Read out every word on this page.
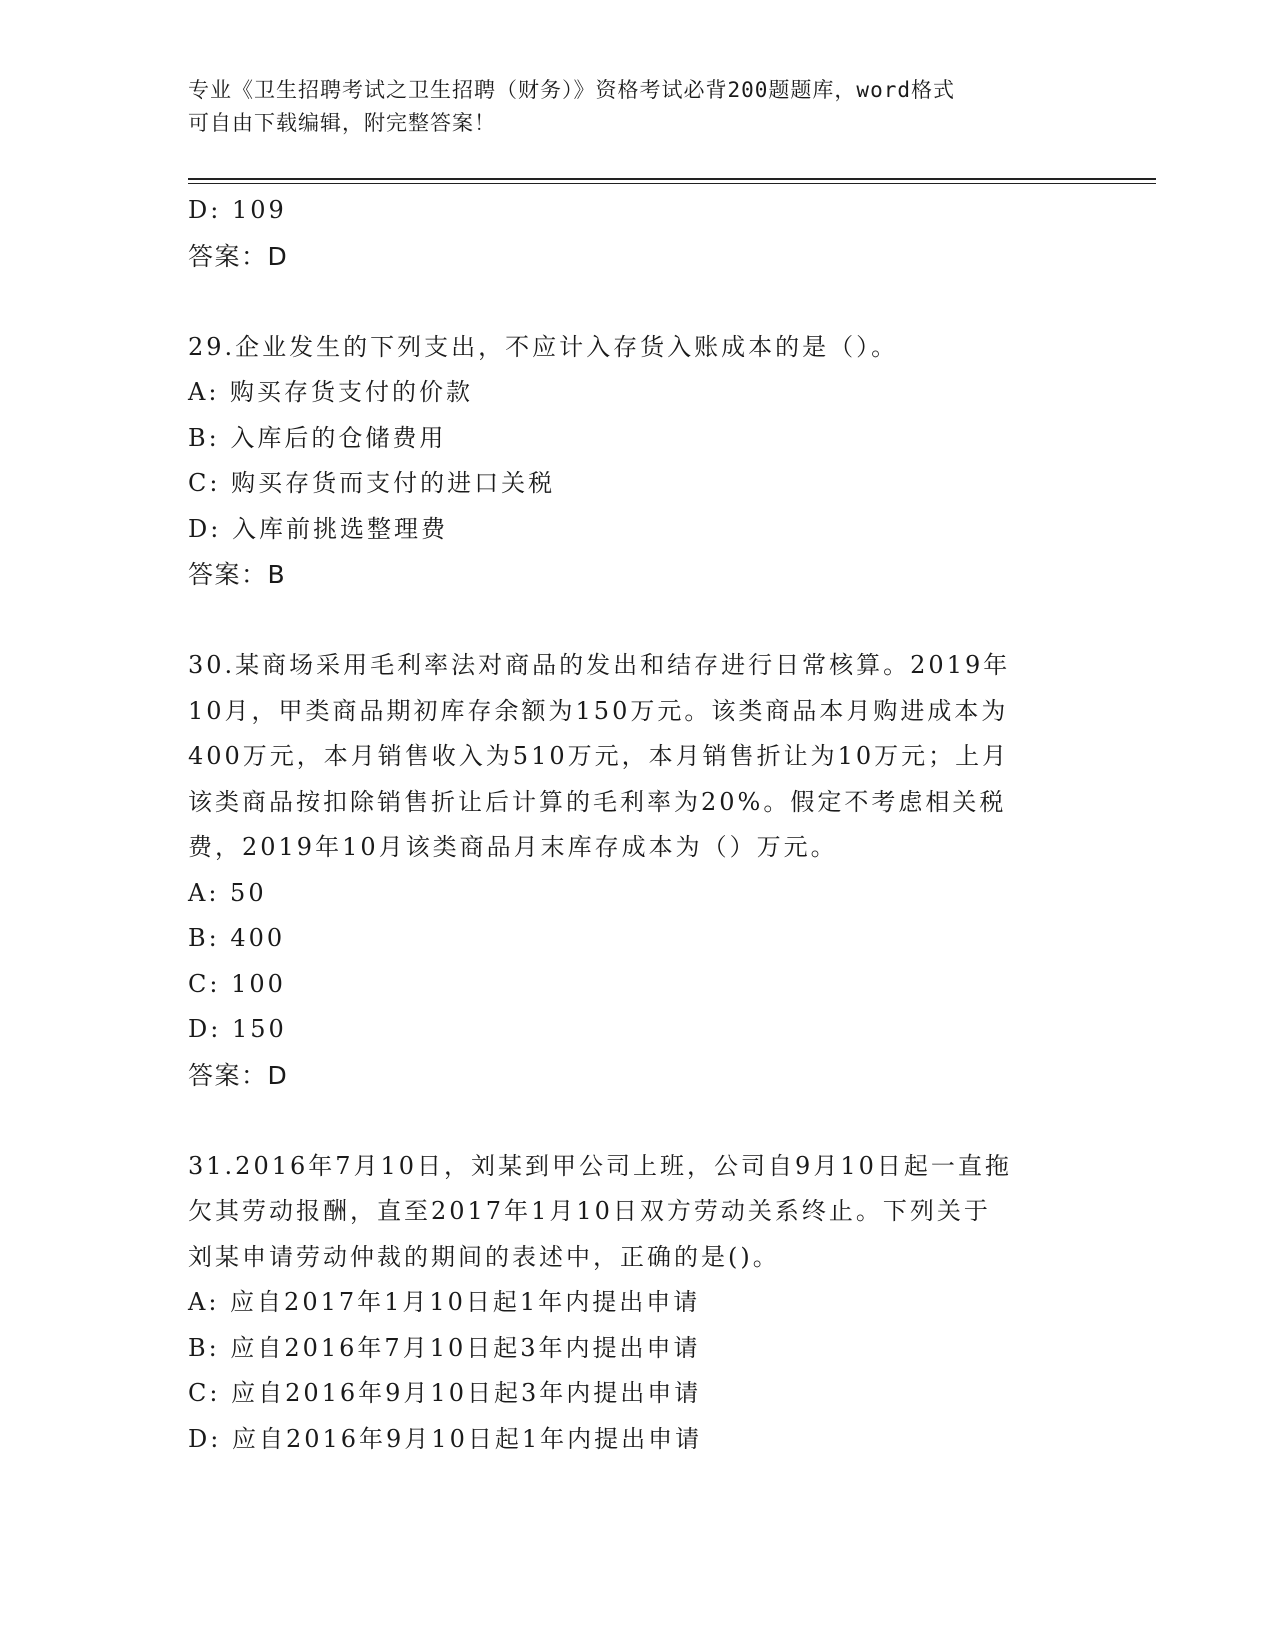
专业《卫生招聘考试之卫生招聘（财务）》资格考试必背200题题库，word格式
可自由下载编辑，附完整答案！
D: 109
答案：D
29.企业发生的下列支出，不应计入存货入账成本的是（）。
A: 购买存货支付的价款
B: 入库后的仓储费用
C: 购买存货而支付的进口关税
D: 入库前挑选整理费
答案：B
30.某商场采用毛利率法对商品的发出和结存进行日常核算。2019年
10月，甲类商品期初库存余额为150万元。该类商品本月购进成本为
400万元，本月销售收入为510万元，本月销售折让为10万元；上月
该类商品按扣除销售折让后计算的毛利率为20%。假定不考虑相关税
费，2019年10月该类商品月末库存成本为（）万元。
A: 50
B: 400
C: 100
D: 150
答案：D
31.2016年7月10日，刘某到甲公司上班，公司自9月10日起一直拖
欠其劳动报酬，直至2017年1月10日双方劳动关系终止。下列关于
刘某申请劳动仲裁的期间的表述中，正确的是()。
A: 应自2017年1月10日起1年内提出申请
B: 应自2016年7月10日起3年内提出申请
C: 应自2016年9月10日起3年内提出申请
D: 应自2016年9月10日起1年内提出申请
